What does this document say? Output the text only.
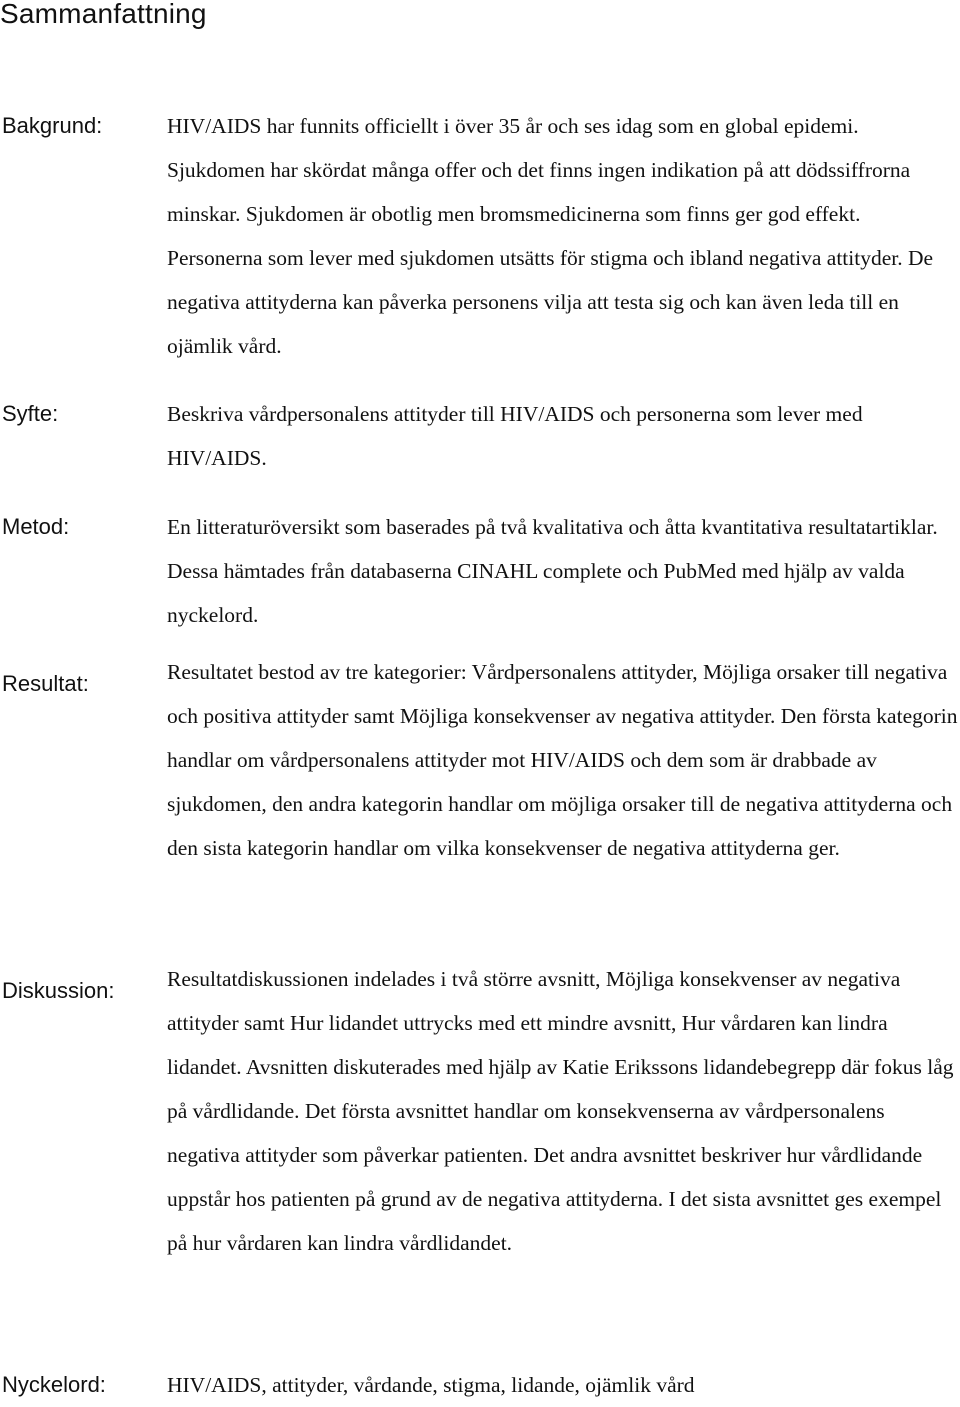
Sammanfattning
Bakgrund:	HIV/AIDS har funnits officiellt i över 35 år och ses idag som en global epidemi. Sjukdomen har skördat många offer och det finns ingen indikation på att dödssiffrorna minskar. Sjukdomen är obotlig men bromsmedicinerna som finns ger god effekt. Personerna som lever med sjukdomen utsätts för stigma och ibland negativa attityder. De negativa attityderna kan påverka personens vilja att testa sig och kan även leda till en ojämlik vård.

Syfte:	Beskriva vårdpersonalens attityder till HIV/AIDS och personerna som lever med HIV/AIDS.

Metod:	En litteraturöversikt som baserades på två kvalitativa och åtta kvantitativa resultatartiklar. Dessa hämtades från databaserna CINAHL complete och PubMed med hjälp av valda nyckelord.

Resultat:	Resultatet bestod av tre kategorier: Vårdpersonalens attityder, Möjliga orsaker till negativa och positiva attityder samt Möjliga konsekvenser av negativa attityder. Den första kategorin handlar om vårdpersonalens attityder mot HIV/AIDS och dem som är drabbade av sjukdomen, den andra kategorin handlar om möjliga orsaker till de negativa attityderna och den sista kategorin handlar om vilka konsekvenser de negativa attityderna ger.

Diskussion: Resultatdiskussionen indelades i två större avsnitt, Möjliga konsekvenser av negativa attityder samt Hur lidandet uttrycks med ett mindre avsnitt, Hur vårdaren kan lindra lidandet. Avsnitten diskuterades med hjälp av Katie Erikssons lidandebegrepp där fokus låg på vårdlidande. Det första avsnittet handlar om konsekvenserna av vårdpersonalens negativa attityder som påverkar patienten. Det andra avsnittet beskriver hur vårdlidande uppstår hos patienten på grund av de negativa attityderna. I det sista avsnittet ges exempel på hur vårdaren kan lindra vårdlidandet.

Nyckelord:	HIV/AIDS, attityder, vårdande, stigma, lidande, ojämlik vård
